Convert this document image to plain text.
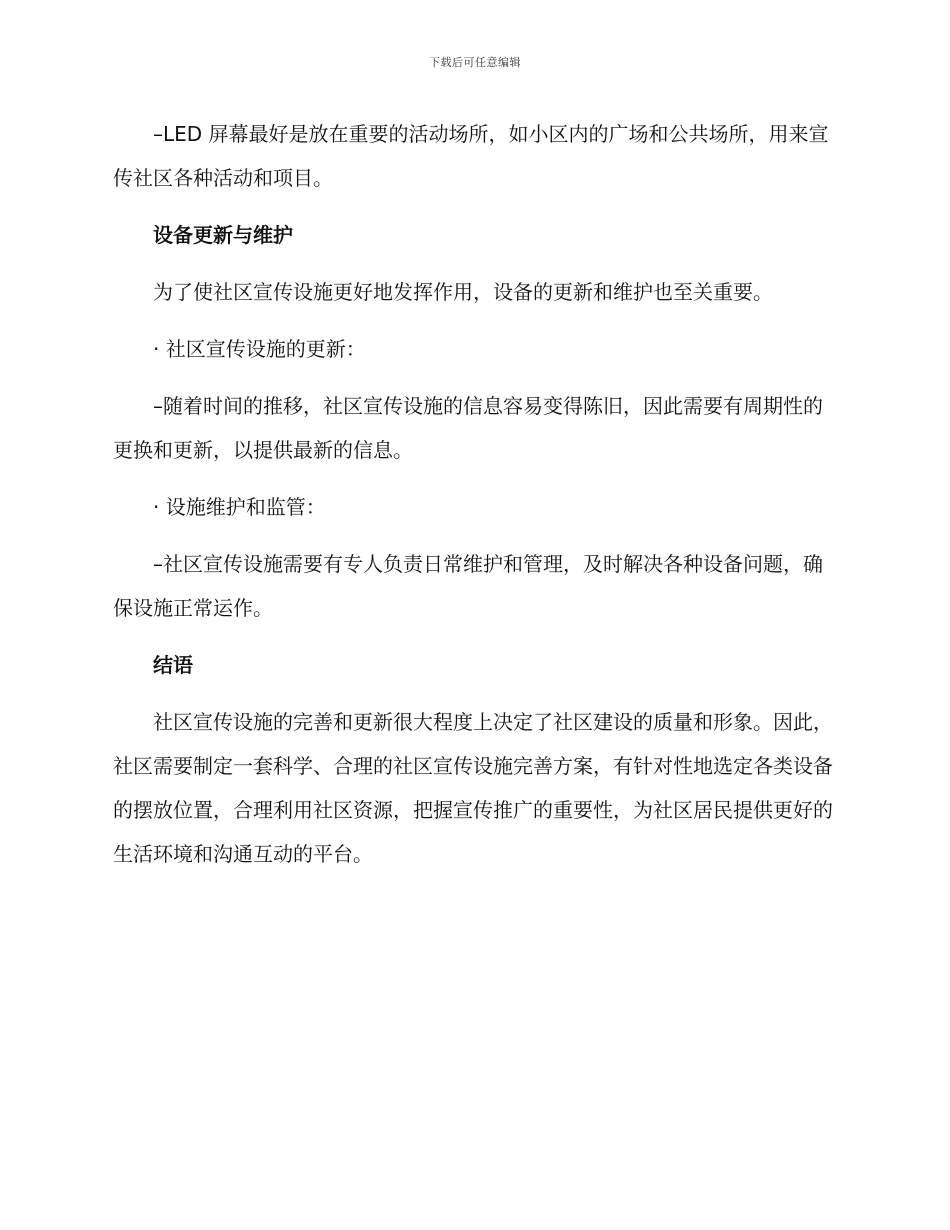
下载后可任意编辑

–LED 屏幕最好是放在重要的活动场所，如小区内的广场和公共场所，用来宣传社区各种活动和项目。

设备更新与维护

为了使社区宣传设施更好地发挥作用，设备的更新和维护也至关重要。

· 社区宣传设施的更新：

–随着时间的推移，社区宣传设施的信息容易变得陈旧，因此需要有周期性的更换和更新，以提供最新的信息。

· 设施维护和监管：

–社区宣传设施需要有专人负责日常维护和管理，及时解决各种设备问题，确保设施正常运作。

结语

社区宣传设施的完善和更新很大程度上决定了社区建设的质量和形象。因此，社区需要制定一套科学、合理的社区宣传设施完善方案，有针对性地选定各类设备的摆放位置，合理利用社区资源，把握宣传推广的重要性，为社区居民提供更好的生活环境和沟通互动的平台。
